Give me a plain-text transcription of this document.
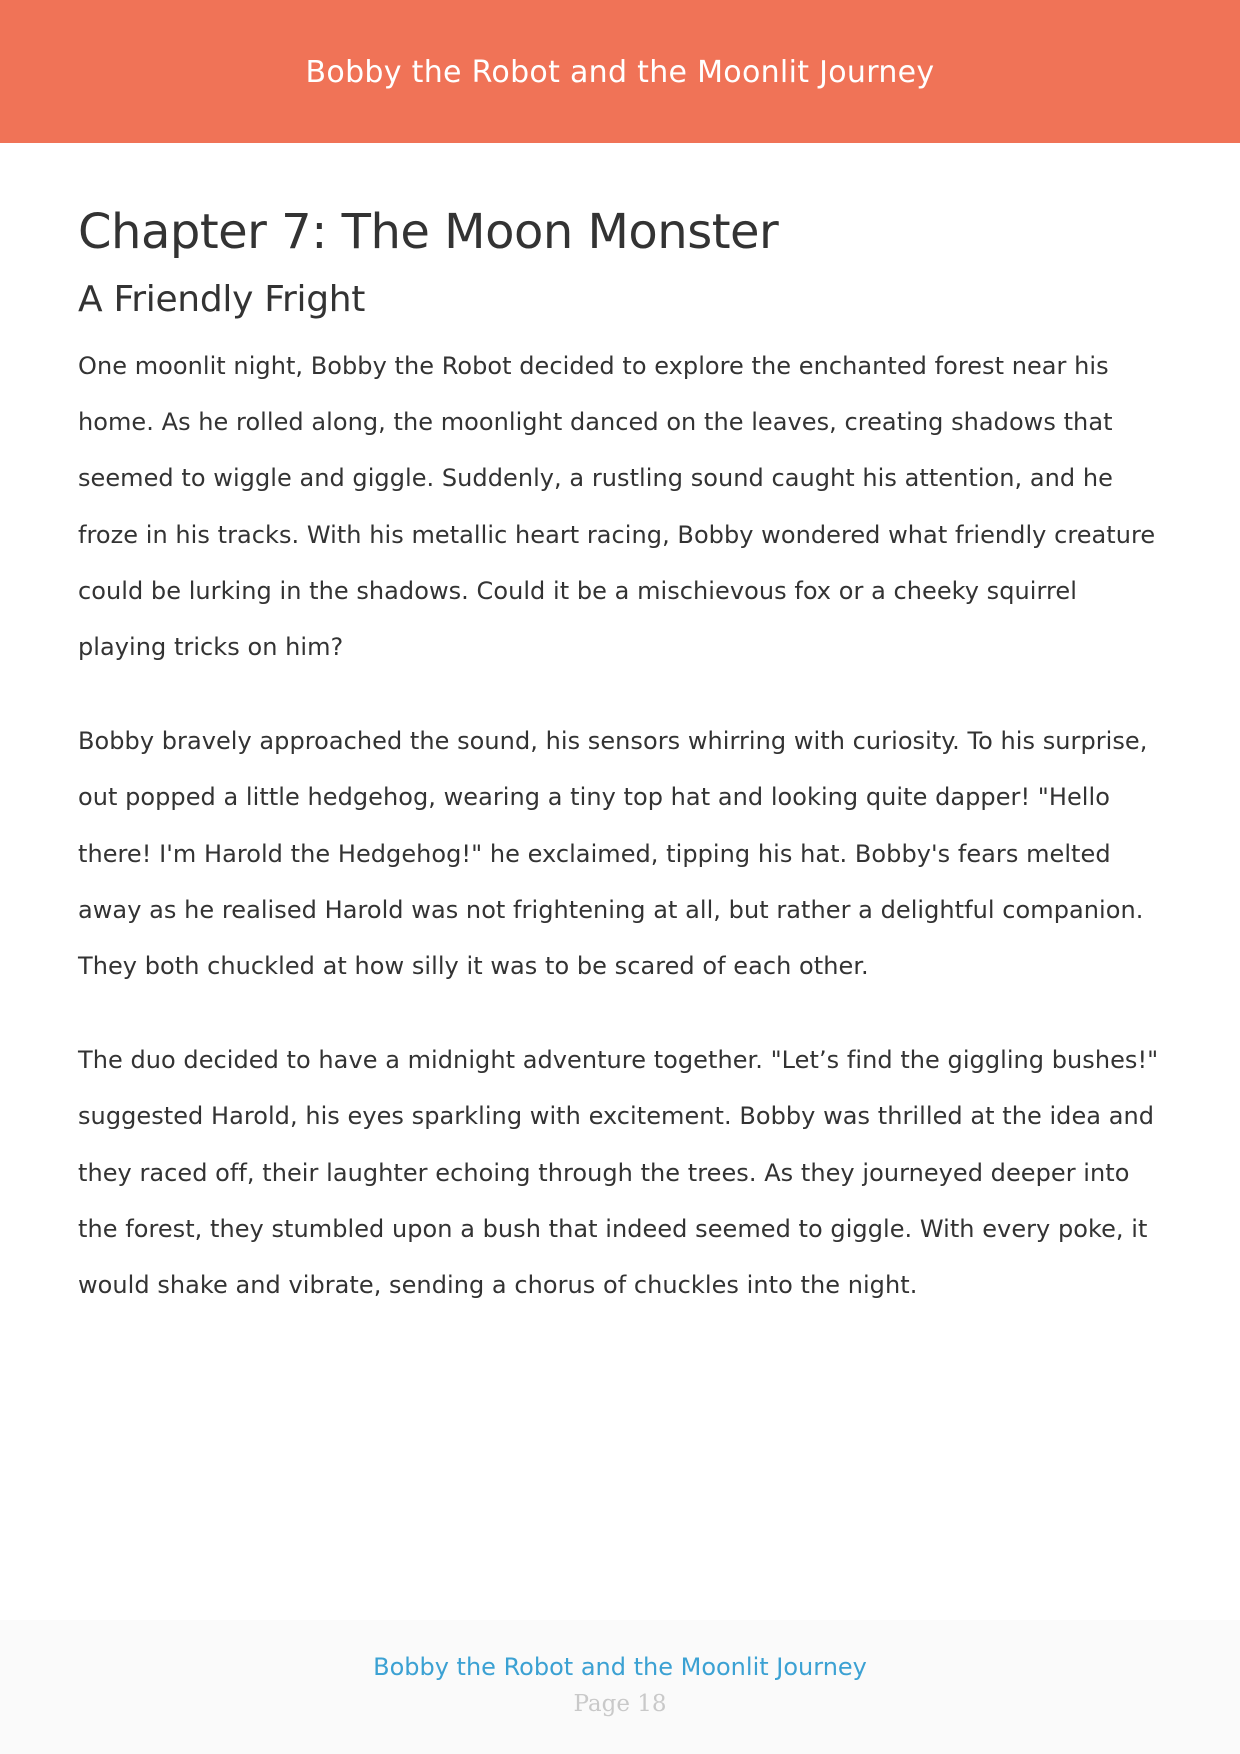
Bobby the Robot and the Moonlit Journey
Chapter 7: The Moon Monster
A Friendly Fright

One moonlit night, Bobby the Robot decided to explore the enchanted forest near his home. As he rolled along, the moonlight danced on the leaves, creating shadows that seemed to wiggle and giggle. Suddenly, a rustling sound caught his attention, and he froze in his tracks. With his metallic heart racing, Bobby wondered what friendly creature could be lurking in the shadows. Could it be a mischievous fox or a cheeky squirrel playing tricks on him?

Bobby bravely approached the sound, his sensors whirring with curiosity. To his surprise, out popped a little hedgehog, wearing a tiny top hat and looking quite dapper! "Hello there! I'm Harold the Hedgehog!" he exclaimed, tipping his hat. Bobby's fears melted away as he realised Harold was not frightening at all, but rather a delightful companion. They both chuckled at how silly it was to be scared of each other.

The duo decided to have a midnight adventure together. "Let’s find the giggling bushes!" suggested Harold, his eyes sparkling with excitement. Bobby was thrilled at the idea and they raced off, their laughter echoing through the trees. As they journeyed deeper into the forest, they stumbled upon a bush that indeed seemed to giggle. With every poke, it would shake and vibrate, sending a chorus of chuckles into the night.

Bobby the Robot and the Moonlit Journey
Page 18
